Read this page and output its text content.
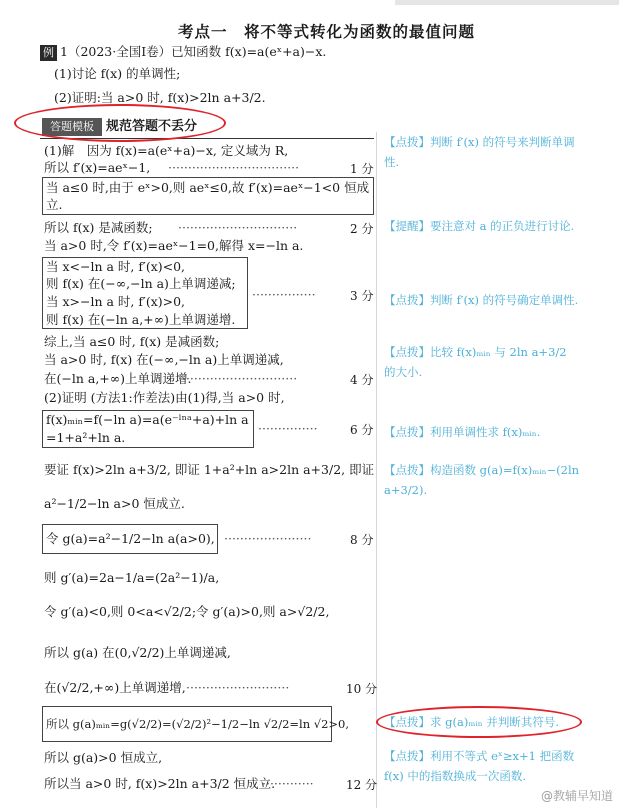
考点一　将不等式转化为函数的最值问题
例 1（2023·全国Ⅰ卷）已知函数 f(x)=a(eˣ+a)−x.
(1)讨论 f(x) 的单调性;
(2)证明:当 a>0 时, f(x)>2ln a+3/2.
答题模板 规范答题不丢分
(1)解　因为 f(x)=a(eˣ+a)−x, 定义域为 R,
所以 f′(x)=aeˣ−1, ·································	1 分
当 a≤0 时,由于 eˣ>0,则 aeˣ≤0,故 f′(x)=aeˣ−1<0 恒成
立.
所以 f(x) 是减函数; ······························	2 分
当 a>0 时,令 f′(x)=aeˣ−1=0,解得 x=−ln a.
当 x<−ln a 时, f′(x)<0,
则 f(x) 在(−∞,−ln a)上单调递减;
当 x>−ln a 时, f′(x)>0,
则 f(x) 在(−ln a,+∞)上单调递增.
················	3 分
综上,当 a≤0 时, f(x) 是减函数;
当 a>0 时, f(x) 在(−∞,−ln a)上单调递减,
在(−ln a,+∞)上单调递增.
······························	4 分
(2)证明 (方法1:作差法)由(1)得,当 a>0 时,
f(x)ₘᵢₙ=f(−ln a)=a(e⁻ˡⁿᵃ+a)+ln a
=1+a²+ln a.
···············	6 分
要证 f(x)>2ln a+3/2, 即证 1+a²+ln a>2ln a+3/2, 即证
a²−1/2−ln a>0 恒成立.
令 g(a)=a²−1/2−ln a(a>0), ······················	8 分
则 g′(a)=2a−1/a=(2a²−1)/a,
令 g′(a)<0,则 0<a<√2/2;令 g′(a)>0,则 a>√2/2,
所以 g(a) 在(0,√2/2)上单调递减,
在(√2/2,+∞)上单调递增, ··························	10 分
所以 g(a)ₘᵢₙ=g(√2/2)=(√2/2)²−1/2−ln √2/2=ln √2>0,
所以 g(a)>0 恒成立,
所以当 a>0 时, f(x)>2ln a+3/2 恒成立.
·············	12 分
【点拨】判断 f′(x) 的符号来判断单调性.
【提醒】要注意对 a 的正负进行讨论.
【点拨】判断 f′(x) 的符号确定单调性.
【点拨】比较 f(x)ₘᵢₙ 与 2ln a+3/2 的大小.
【点拨】利用单调性求 f(x)ₘᵢₙ.
【点拨】构造函数 g(a)=f(x)ₘᵢₙ−(2ln a+3/2).
【点拨】求 g(a)ₘᵢₙ 并判断其符号.
【点拨】利用不等式 eˣ≥x+1 把函数 f(x) 中的指数换成一次函数.
@教辅早知道
